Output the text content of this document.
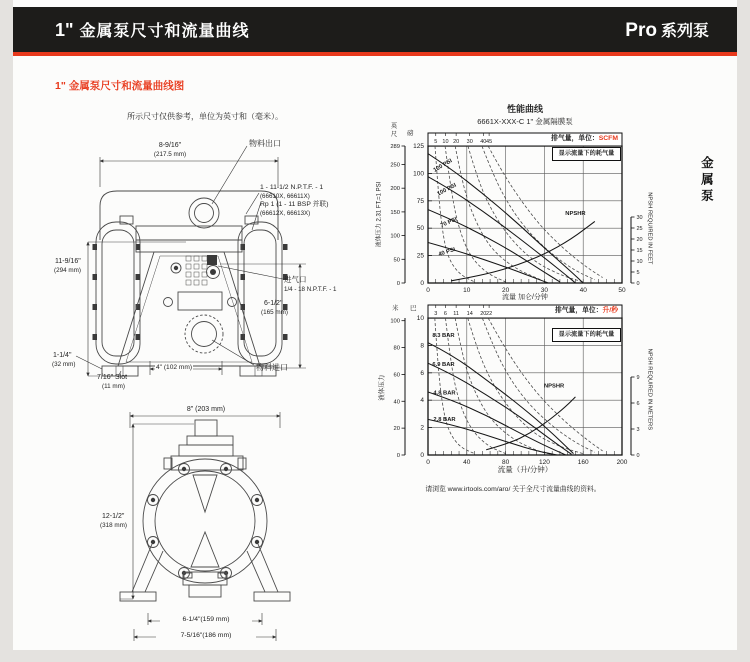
1" 金属泵尺寸和流量曲线	Pro 系列泵
1" 金属泵尺寸和流量曲线图
金属泵
所示尺寸仅供参考，单位为英寸和（毫米）。
8-9/16"
(217.5 mm)
物料出口
1 - 11-1/2 N.P.T.F. - 1
(66610X, 66611X)
Rp 1 (1 - 11 BSP 并联)
(66612X, 66613X)
11-9/16"
(294 mm)
进气口
1/4 - 18 N.P.T.F. - 1
6-1/2"
(165 mm)
1-1/4"
(32 mm)
7/16" Slot
(11 mm)
4" (102 mm)	物料进口
8" (203 mm)
12-1/2"
(318 mm)
6-1/4"(159 mm)
7-5/16"(186 mm)
5 10 20 30 40 45
0	10	20	30	40	50
0
25
50
75
100
125
0
50
100
150
200
250
289
0
5
10
15
20
25
30
120 PSI
100 PSI
70 PSI
40 PSI
NPSHR
3 6 11 14 20 22
0	40	80	120	160	200
0
2
4
6
8
10
0
20
40
60
80
100
0
3
6
9
8.3 BAR
6.9 BAR
4.8 BAR
2.8 BAR
NPSHR
性能曲线
6661X-XXX-C 1" 金属隔膜泵
排气量，单位：SCFM
排气量，单位：升/秒
显示流量下的耗气量
显示流量下的耗气量
流量 加仑/分钟
流量（升/分钟）
液体压力 2.31 FT.=1 PSI
液体压力
NPSH REQUIRED IN FEET
NPSH REQUIRED IN METERS
英尺 磅
米 巴
请浏览 www.irtools.com/aro/ 关于全尺寸流量曲线的资料。
